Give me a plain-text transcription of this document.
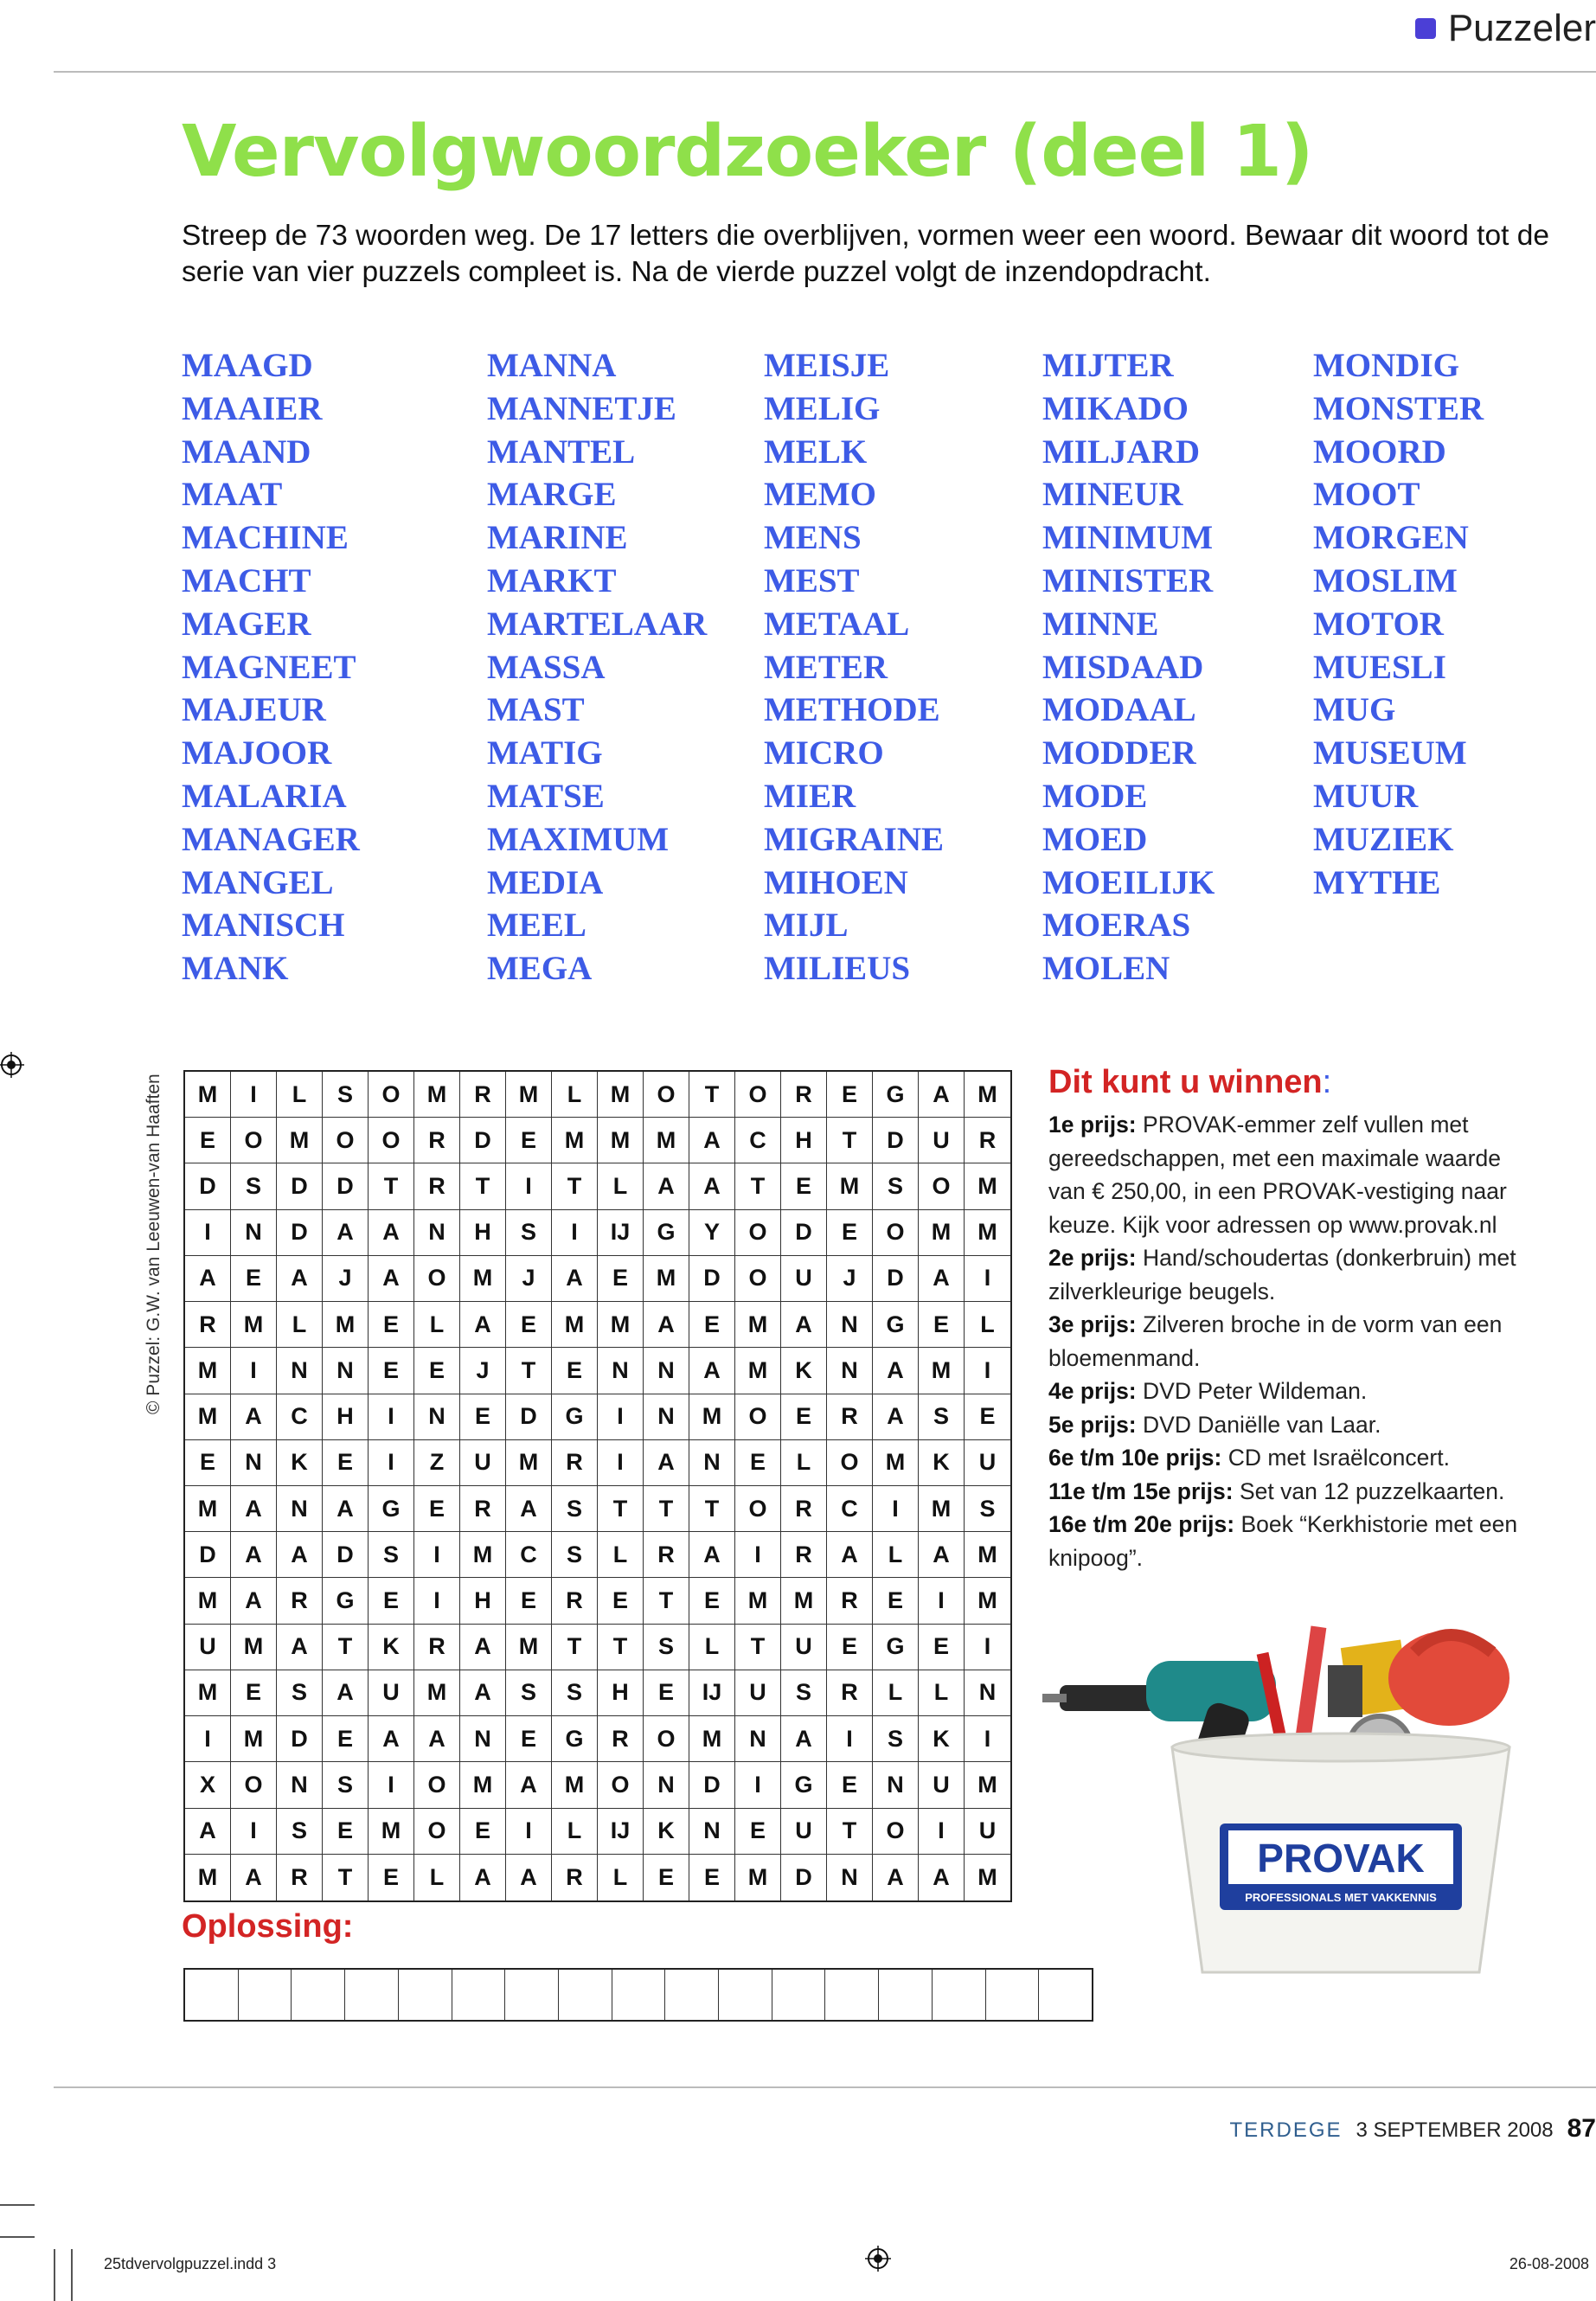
Puzzeler
Vervolgwoordzoeker (deel 1)

Streep de 73 woorden weg. De 17 letters die overblijven, vormen weer een woord. Bewaar dit woord tot de serie van vier puzzels compleet is. Na de vierde puzzel volgt de inzendopdracht.

MAAGD
MAAIER
MAAND
MAAT
MACHINE
MACHT
MAGER
MAGNEET
MAJEUR
MAJOOR
MALARIA
MANAGER
MANGEL
MANISCH
MANK
MANNA
MANNETJE
MANTEL
MARGE
MARINE
MARKT
MARTELAAR
MASSA
MAST
MATIG
MATSE
MAXIMUM
MEDIA
MEEL
MEGA
MEISJE
MELIG
MELK
MEMO
MENS
MEST
METAAL
METER
METHODE
MICRO
MIER
MIGRAINE
MIHOEN
MIJL
MILIEUS
MIJTER
MIKADO
MILJARD
MINEUR
MINIMUM
MINISTER
MINNE
MISDAAD
MODAAL
MODDER
MODE
MOED
MOEILIJK
MOERAS
MOLEN
MONDIG
MONSTER
MOORD
MOOT
MORGEN
MOSLIM
MOTOR
MUESLI
MUG
MUSEUM
MUUR
MUZIEK
MYTHE
© Puzzel: G.W. van Leeuwen-van Haaften	M	I	L	S	O	M	R	M	L	M	O	T	O	R	E	G	A	M
E	O	M	O	O	R	D	E	M	M	M	A	C	H	T	D	U	R
D	S	D	D	T	R	T	I	T	L	A	A	T	E	M	S	O	M
I	N	D	A	A	N	H	S	I	IJ	G	Y	O	D	E	O	M	M
A	E	A	J	A	O	M	J	A	E	M	D	O	U	J	D	A	I
R	M	L	M	E	L	A	E	M	M	A	E	M	A	N	G	E	L
M	I	N	N	E	E	J	T	E	N	N	A	M	K	N	A	M	I
M	A	C	H	I	N	E	D	G	I	N	M	O	E	R	A	S	E
E	N	K	E	I	Z	U	M	R	I	A	N	E	L	O	M	K	U
M	A	N	A	G	E	R	A	S	T	T	T	O	R	C	I	M	S
D	A	A	D	S	I	M	C	S	L	R	A	I	R	A	L	A	M
M	A	R	G	E	I	H	E	R	E	T	E	M	M	R	E	I	M
U	M	A	T	K	R	A	M	T	T	S	L	T	U	E	G	E	I
M	E	S	A	U	M	A	S	S	H	E	IJ	U	S	R	L	L	N
I	M	D	E	A	A	N	E	G	R	O	M	N	A	I	S	K	I
X	O	N	S	I	O	M	A	M	O	N	D	I	G	E	N	U	M
A	I	S	E	M	O	E	I	L	IJ	K	N	E	U	T	O	I	U
M	A	R	T	E	L	A	A	R	L	E	E	M	D	N	A	A	M
Oplossing:
Dit kunt u winnen:
1e prijs: PROVAK-emmer zelf vullen met gereedschappen, met een maximale waarde van € 250,00, in een PROVAK-vestiging naar keuze. Kijk voor adressen op www.provak.nl
2e prijs: Hand/schoudertas (donkerbruin) met zilverkleurige beugels.
3e prijs: Zilveren broche in de vorm van een bloemenmand.
4e prijs: DVD Peter Wildeman.
5e prijs: DVD Daniëlle van Laar.
6e t/m 10e prijs: CD met Israëlconcert.
11e t/m 15e prijs: Set van 12 puzzelkaarten.
16e t/m 20e prijs: Boek “Kerkhistorie met een knipoog”.
PROVAK
PROFESSIONALS MET VAKKENNIS
TERDEGE 3 SEPTEMBER 2008 87
25tdvervolgpuzzel.indd 3	26-08-2008
